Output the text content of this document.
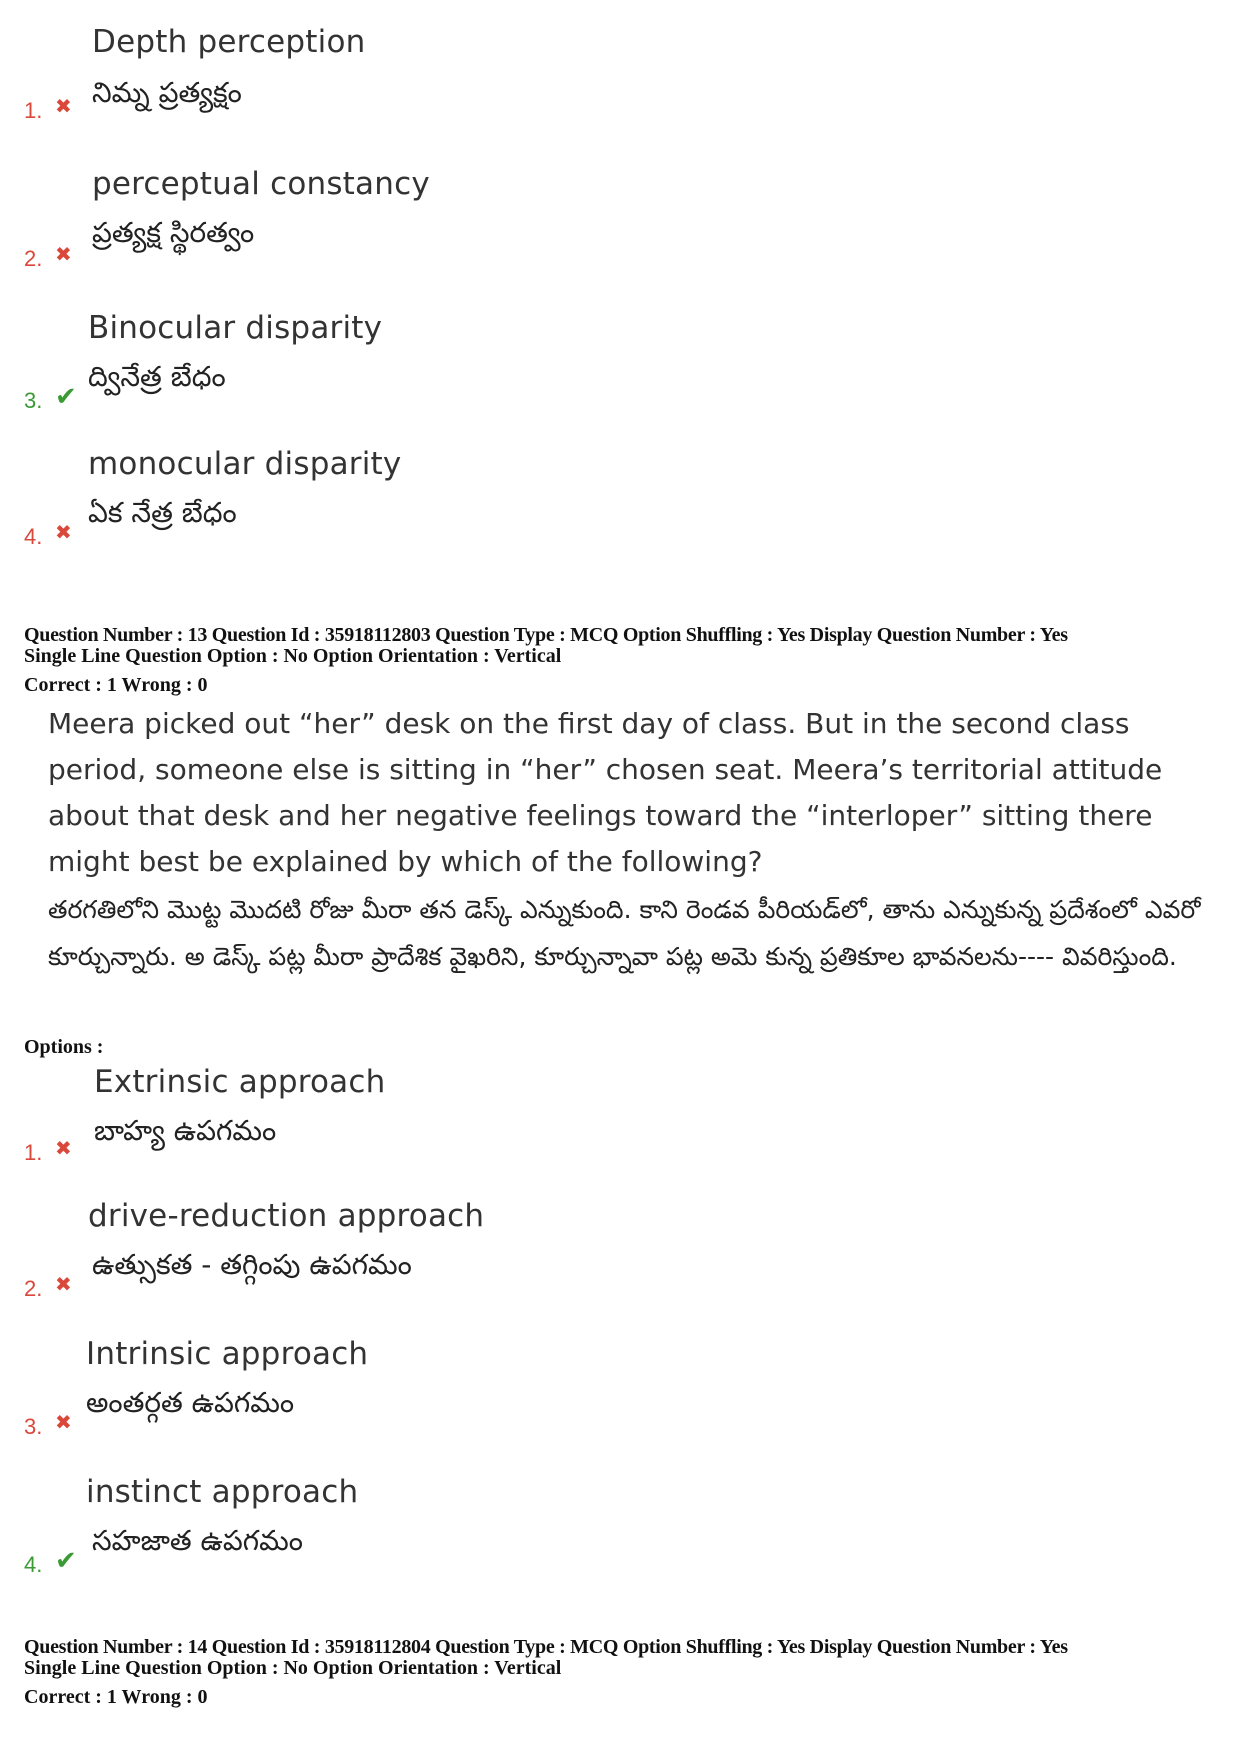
Depth perception
నిమ్న ప్రత్యక్షం
1. ✖
perceptual constancy
ప్రత్యక్ష స్థిరత్వం
2. ✖
Binocular disparity
ద్వినేత్ర బేధం
3. ✔
monocular disparity
ఏక నేత్ర బేధం
4. ✖
Question Number : 13 Question Id : 35918112803 Question Type : MCQ Option Shuffling : Yes Display Question Number : Yes
Single Line Question Option : No Option Orientation : Vertical
Correct : 1 Wrong : 0
Meera picked out “her” desk on the first day of class. But in the second class period, someone else is sitting in “her” chosen seat. Meera’s territorial attitude about that desk and her negative feelings toward the “interloper” sitting there might best be explained by which of the following?
తరగతిలోని మొట్ట మొదటి రోజు మీరా తన డెస్క్ ఎన్నుకుంది. కాని రెండవ పీరియడ్‌లో, తాను ఎన్నుకున్న ప్రదేశంలో ఎవరో కూర్చున్నారు. అ డెస్క్ పట్ల మీరా ప్రాదేశిక వైఖరిని, కూర్చున్నావా పట్ల అమె కున్న ప్రతికూల భావనలను---- వివరిస్తుంది.
Options :
Extrinsic approach
బాహ్య ఉపగమం
1. ✖
drive-reduction approach
ఉత్సుకత - తగ్గింపు ఉపగమం
2. ✖
Intrinsic approach
అంతర్గత ఉపగమం
3. ✖
instinct approach
సహజాత ఉపగమం
4. ✔
Question Number : 14 Question Id : 35918112804 Question Type : MCQ Option Shuffling : Yes Display Question Number : Yes
Single Line Question Option : No Option Orientation : Vertical
Correct : 1 Wrong : 0
